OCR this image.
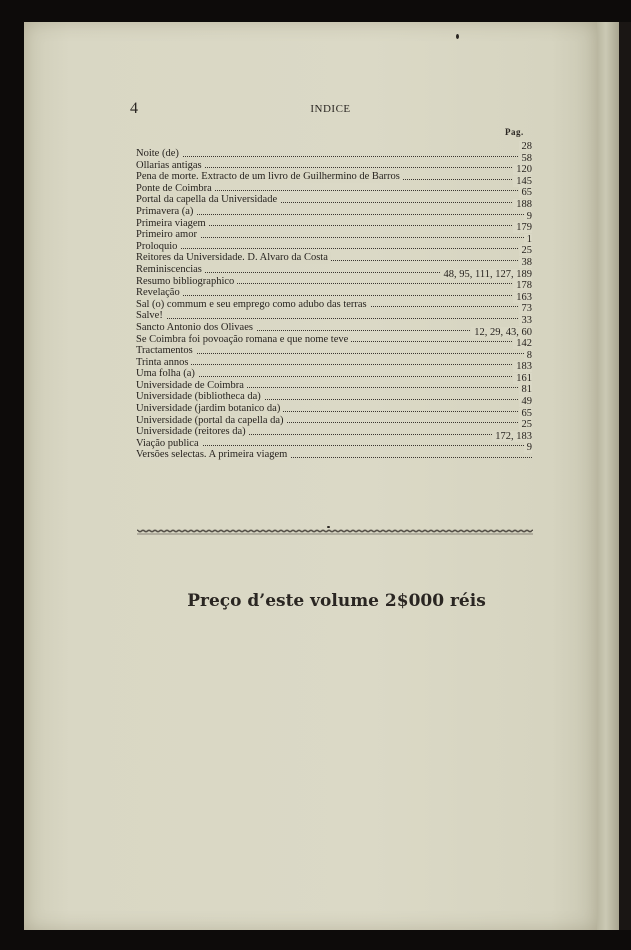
4	INDICE
Pag.
Noite (de)
28
Ollarias antigas
58
Pena de morte. Extracto de um livro de Guilhermino de Barros
120
Ponte de Coimbra
145
Portal da capella da Universidade
65
Primavera (a)
188
Primeira viagem
9
Primeiro amor
179
Proloquio
1
Reitores da Universidade. D. Alvaro da Costa
25
Reminiscencias
38
Resumo bibliographico
48, 95, 111, 127, 189
Revelação
178
Sal (o) commum e seu emprego como adubo das terras
163
Salve!
73
Sancto Antonio dos Olivaes
33
Se Coimbra foi povoação romana e que nome teve
12, 29, 43, 60
Tractamentos
142
Trinta annos
8
Uma folha (a)
183
Universidade de Coimbra
161
Universidade (bibliotheca da)
81
Universidade (jardim botanico da)
49
Universidade (portal da capella da)
65
Universidade (reitores da)
25
Viação publica
172, 183
Versões selectas. A primeira viagem
9
Preço d’este volume 2$000 réis
